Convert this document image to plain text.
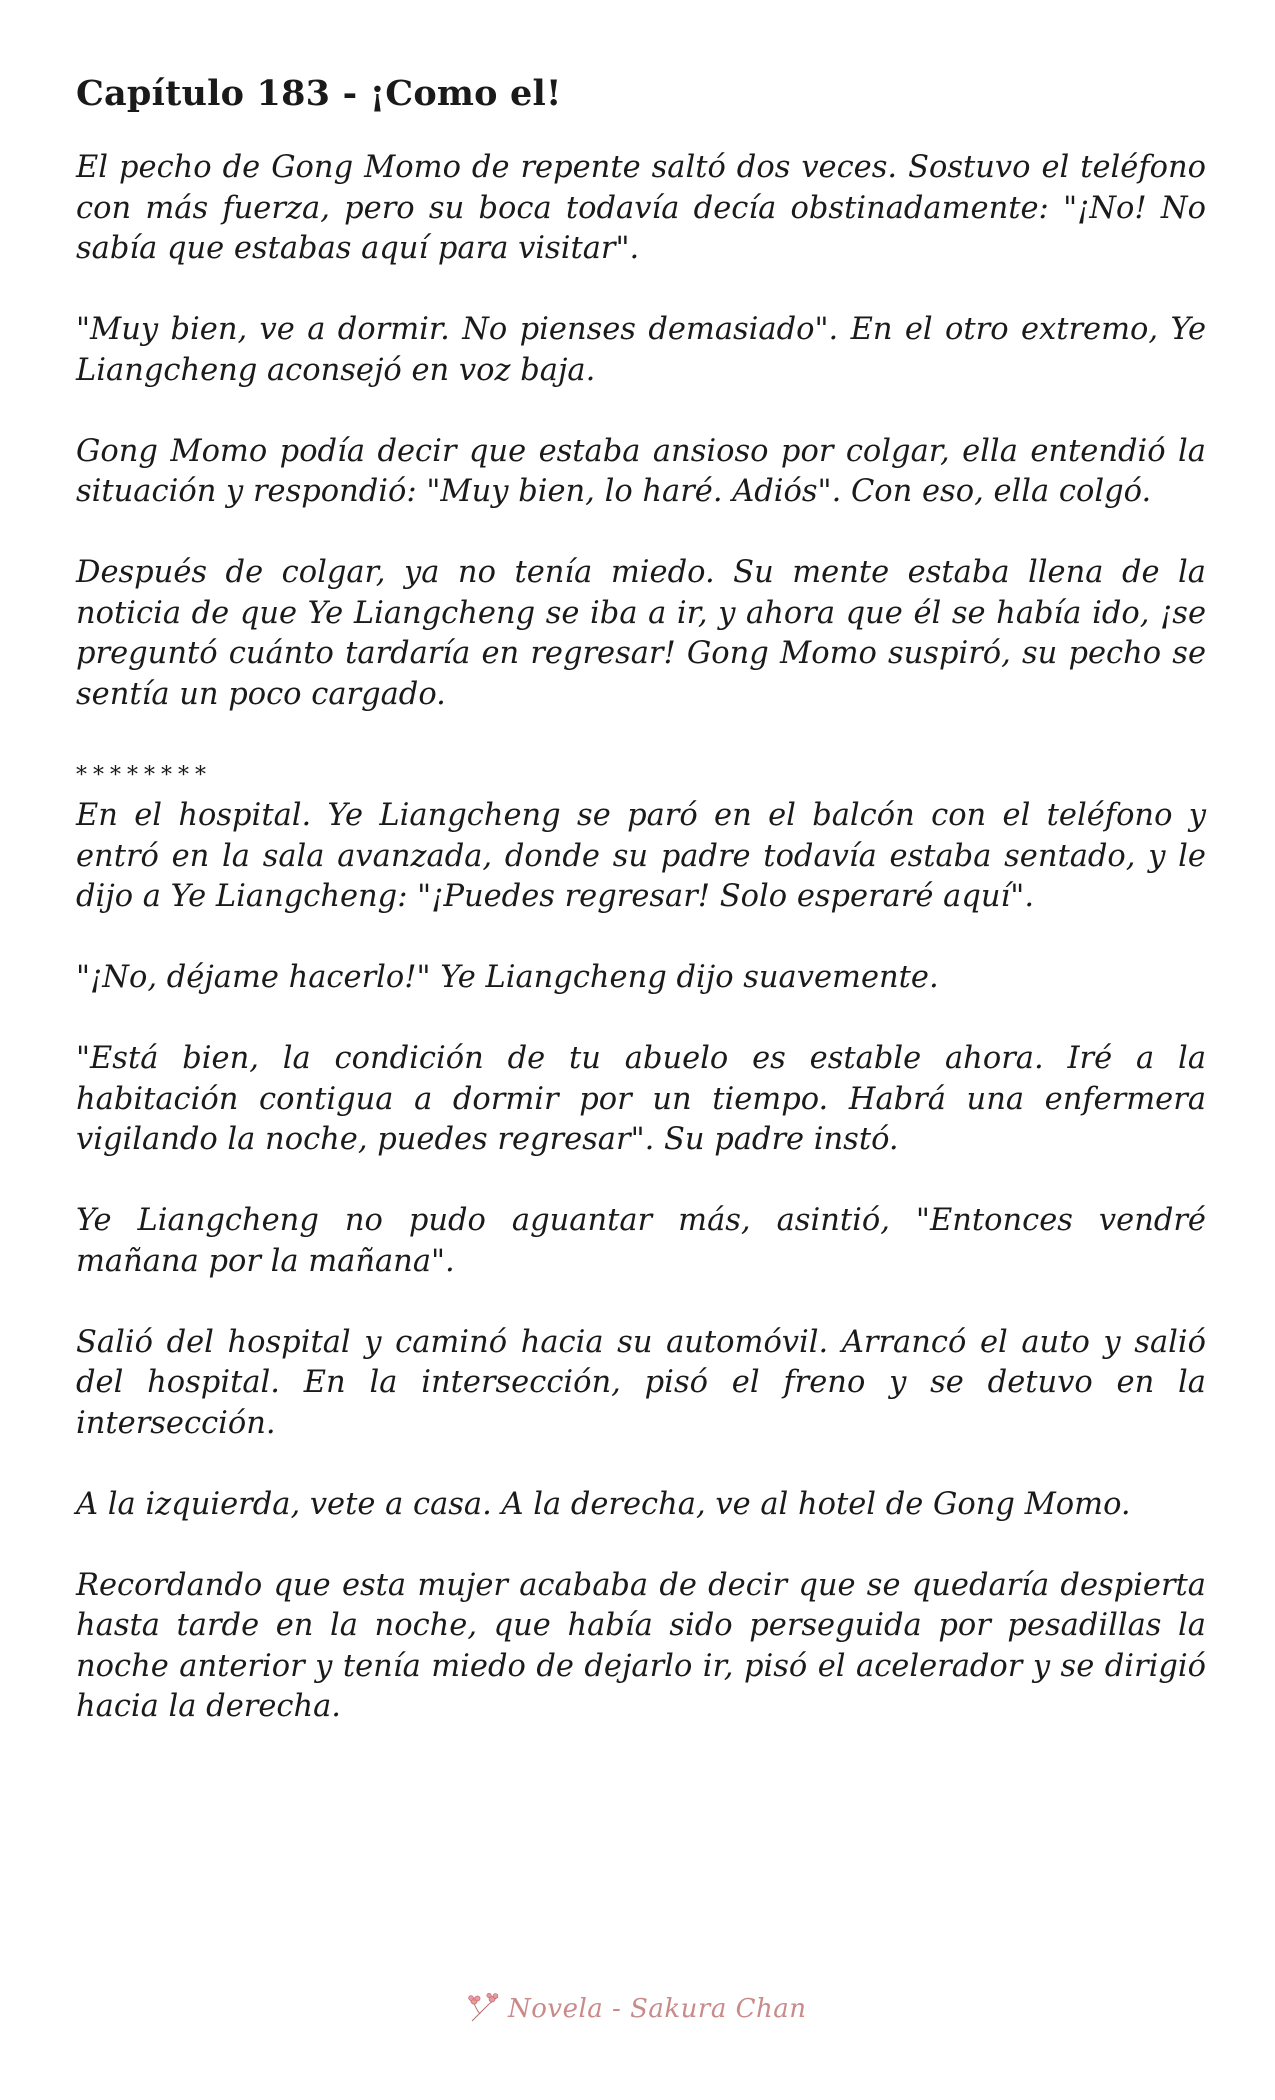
Capítulo 183 - ¡Como el!

El pecho de Gong Momo de repente saltó dos veces. Sostuvo el teléfono con más fuerza, pero su boca todavía decía obstinadamente: "¡No! No sabía que estabas aquí para visitar".

"Muy bien, ve a dormir. No pienses demasiado". En el otro extremo, Ye Liangcheng aconsejó en voz baja.

Gong Momo podía decir que estaba ansioso por colgar, ella entendió la situación y respondió: "Muy bien, lo haré. Adiós". Con eso, ella colgó.

Después de colgar, ya no tenía miedo. Su mente estaba llena de la noticia de que Ye Liangcheng se iba a ir, y ahora que él se había ido, ¡se preguntó cuánto tardaría en regresar! Gong Momo suspiró, su pecho se sentía un poco cargado.

********

En el hospital. Ye Liangcheng se paró en el balcón con el teléfono y entró en la sala avanzada, donde su padre todavía estaba sentado, y le dijo a Ye Liangcheng: "¡Puedes regresar! Solo esperaré aquí".

"¡No, déjame hacerlo!" Ye Liangcheng dijo suavemente.

"Está bien, la condición de tu abuelo es estable ahora. Iré a la habitación contigua a dormir por un tiempo. Habrá una enfermera vigilando la noche, puedes regresar". Su padre instó.

Ye Liangcheng no pudo aguantar más, asintió, "Entonces vendré mañana por la mañana".

Salió del hospital y caminó hacia su automóvil. Arrancó el auto y salió del hospital. En la intersección, pisó el freno y se detuvo en la intersección.

A la izquierda, vete a casa. A la derecha, ve al hotel de Gong Momo.

Recordando que esta mujer acababa de decir que se quedaría despierta hasta tarde en la noche, que había sido perseguida por pesadillas la noche anterior y tenía miedo de dejarlo ir, pisó el acelerador y se dirigió hacia la derecha.

Novela - Sakura Chan
